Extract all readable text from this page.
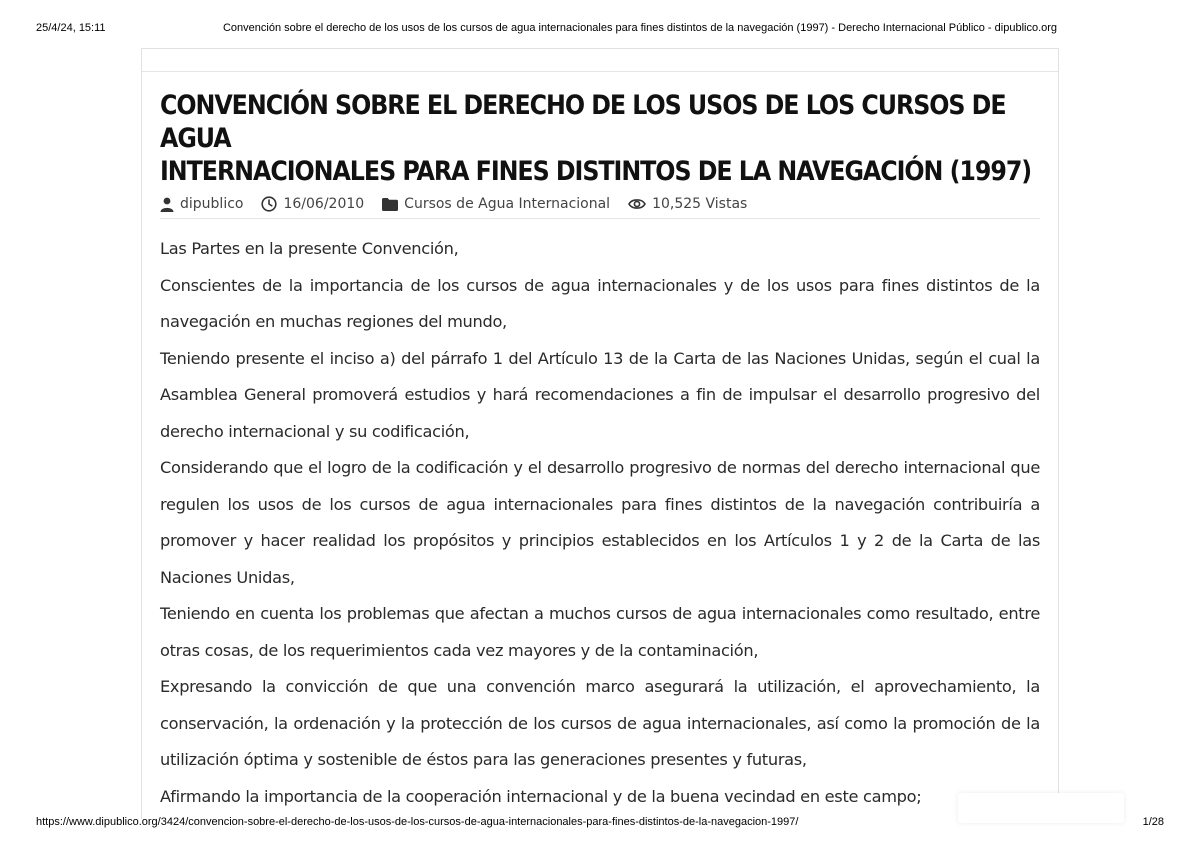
25/4/24, 15:11	Convención sobre el derecho de los usos de los cursos de agua internacionales para fines distintos de la navegación (1997) - Derecho Internacional Público - dipublico.org
CONVENCIÓN SOBRE EL DERECHO DE LOS USOS DE LOS CURSOS DE AGUA
INTERNACIONALES PARA FINES DISTINTOS DE LA NAVEGACIÓN (1997)
dipublico	16/06/2010	Cursos de Agua Internacional	10,525 Vistas

Las Partes en la presente Convención,

Conscientes de la importancia de los cursos de agua internacionales y de los usos para fines distintos de la navegación en muchas regiones del mundo,

Teniendo presente el inciso a) del párrafo 1 del Artículo 13 de la Carta de las Naciones Unidas, según el cual la Asamblea General promoverá estudios y hará recomendaciones a fin de impulsar el desarrollo progresivo del derecho internacional y su codificación,

Considerando que el logro de la codificación y el desarrollo progresivo de normas del derecho internacional que regulen los usos de los cursos de agua internacionales para fines distintos de la navegación contribuiría a promover y hacer realidad los propósitos y principios establecidos en los Artículos 1 y 2 de la Carta de las Naciones Unidas,

Teniendo en cuenta los problemas que afectan a muchos cursos de agua internacionales como resultado, entre otras cosas, de los requerimientos cada vez mayores y de la contaminación,

Expresando la convicción de que una convención marco asegurará la utilización, el aprovechamiento, la conservación, la ordenación y la protección de los cursos de agua internacionales, así como la promoción de la utilización óptima y sostenible de éstos para las generaciones presentes y futuras,

Afirmando la importancia de la cooperación internacional y de la buena vecindad en este campo;

https://www.dipublico.org/3424/convencion-sobre-el-derecho-de-los-usos-de-los-cursos-de-agua-internacionales-para-fines-distintos-de-la-navegacion-1997/	1/28
